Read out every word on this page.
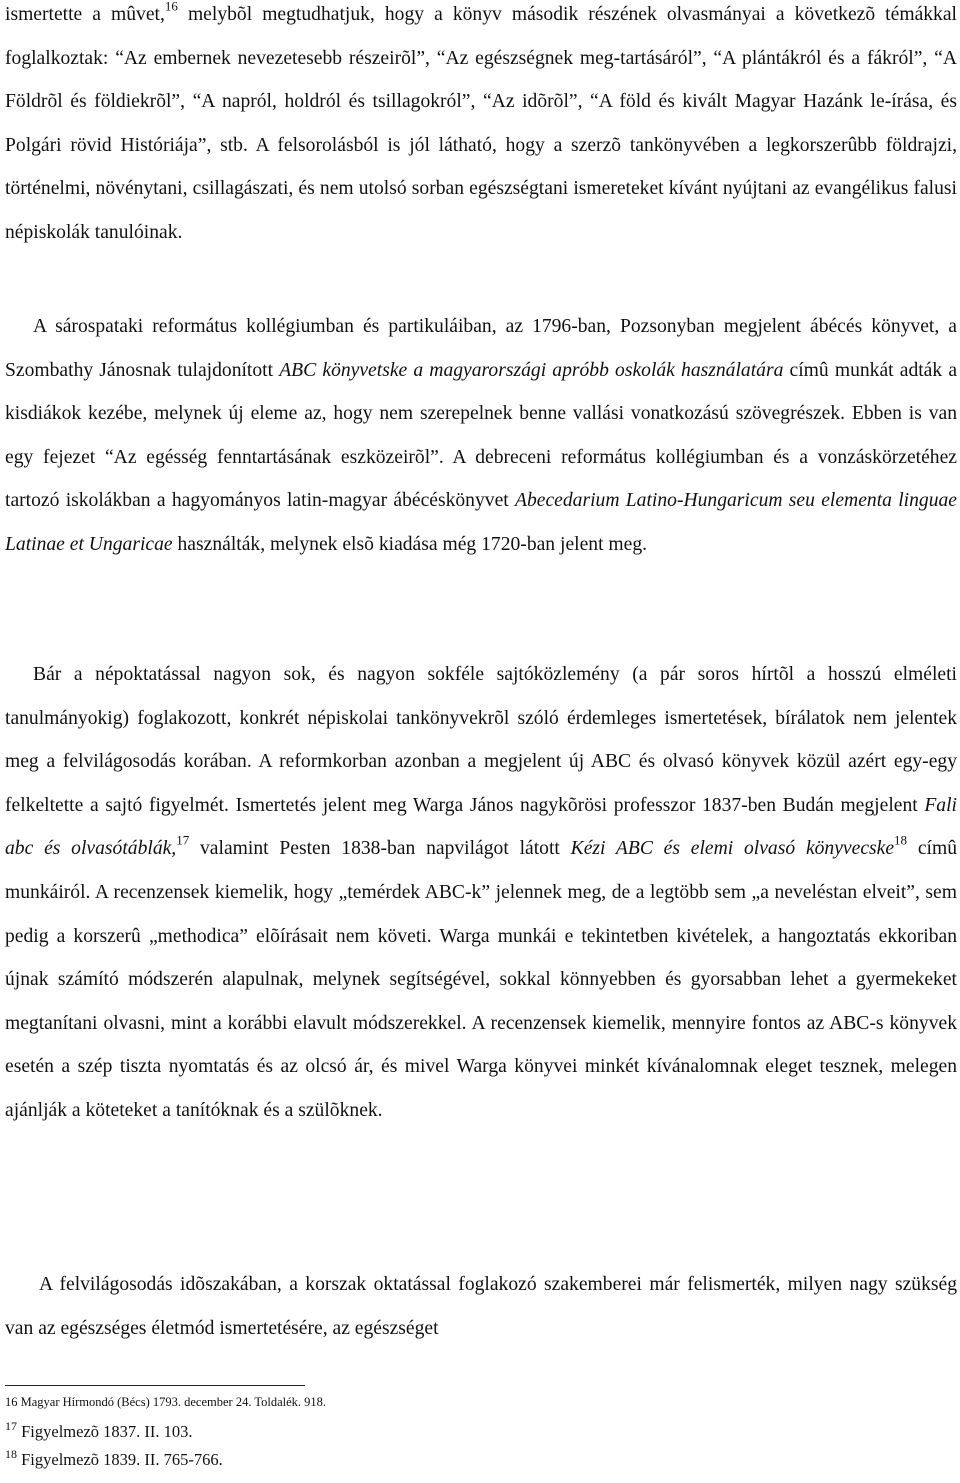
ismertette a mûvet,$^{16}$ melybõl megtudhatjuk, hogy a könyv második részének olvasmányai a következõ témákkal foglalkoztak: “Az embernek nevezetesebb részeirõl”, “Az egészségnek meg-tartásáról”, “A plántákról és a fákról”, “A Földrõl és földiekrõl”, “A napról, holdról és tsillagokról”, “Az idõrõl”, “A föld és kivált Magyar Hazánk le-írása, és Polgári rövid Históriája”, stb. A felsorolásból is jól látható, hogy a szerzõ tankönyvében a legkorszerûbb földrajzi, történelmi, növénytani, csillagászati, és nem utolsó sorban egészségtani ismereteket kívánt nyújtani az evangélikus falusi népiskolák tanulóinak.

A sárospataki református kollégiumban és partikuláiban, az 1796-ban, Pozsonyban megjelent ábécés könyvet, a Szombathy Jánosnak tulajdonított ABC könyvetske a magyarországi apróbb oskolák használatára címû munkát adták a kisdiákok kezébe, melynek új eleme az, hogy nem szerepelnek benne vallási vonatkozású szövegrészek. Ebben is van egy fejezet “Az egésség fenntartásának eszközeirõl”. A debreceni református kollégiumban és a vonzáskörzetéhez tartozó iskolákban a hagyományos latin-magyar ábécéskönyvet Abecedarium Latino-Hungaricum seu elementa linguae Latinae et Ungaricae használták, melynek elsõ kiadása még 1720-ban jelent meg.

Bár a népoktatással nagyon sok, és nagyon sokféle sajtóközlemény (a pár soros hírtõl a hosszú elméleti tanulmányokig) foglakozott, konkrét népiskolai tankönyvekrõl szóló érdemleges ismertetések, bírálatok nem jelentek meg a felvilágosodás korában. A reformkorban azonban a megjelent új ABC és olvasó könyvek közül azért egy-egy felkeltette a sajtó figyelmét. Ismertetés jelent meg Warga János nagykõrösi professzor 1837-ben Budán megjelent Fali abc és olvasótáblák,$^{17}$ valamint Pesten 1838-ban napvilágot látott Kézi ABC és elemi olvasó könyvecske$^{18}$ címû munkáiról. A recenzensek kiemelik, hogy „temérdek ABC-k” jelennek meg, de a legtöbb sem „a neveléstan elveit”, sem pedig a korszerû „methodica” elõírásait nem követi. Warga munkái e tekintetben kivételek, a hangoztatás ekkoriban újnak számító módszerén alapulnak, melynek segítségével, sokkal könnyebben és gyorsabban lehet a gyermekeket megtanítani olvasni, mint a korábbi elavult módszerekkel. A recenzensek kiemelik, mennyire fontos az ABC-s könyvek esetén a szép tiszta nyomtatás és az olcsó ár, és mivel Warga könyvei minkét kívánalomnak eleget tesznek, melegen ajánlják a köteteket a tanítóknak és a szülõknek.

A felvilágosodás idõszakában, a korszak oktatással foglakozó szakemberei már felismerték, milyen nagy szükség van az egészséges életmód ismertetésére, az egészséget

16 Magyar Hírmondó (Bécs) 1793. december 24. Toldalék. 918.

$^{17}$ Figyelmezõ 1837. II. 103.

$^{18}$ Figyelmezõ 1839. II. 765-766.
